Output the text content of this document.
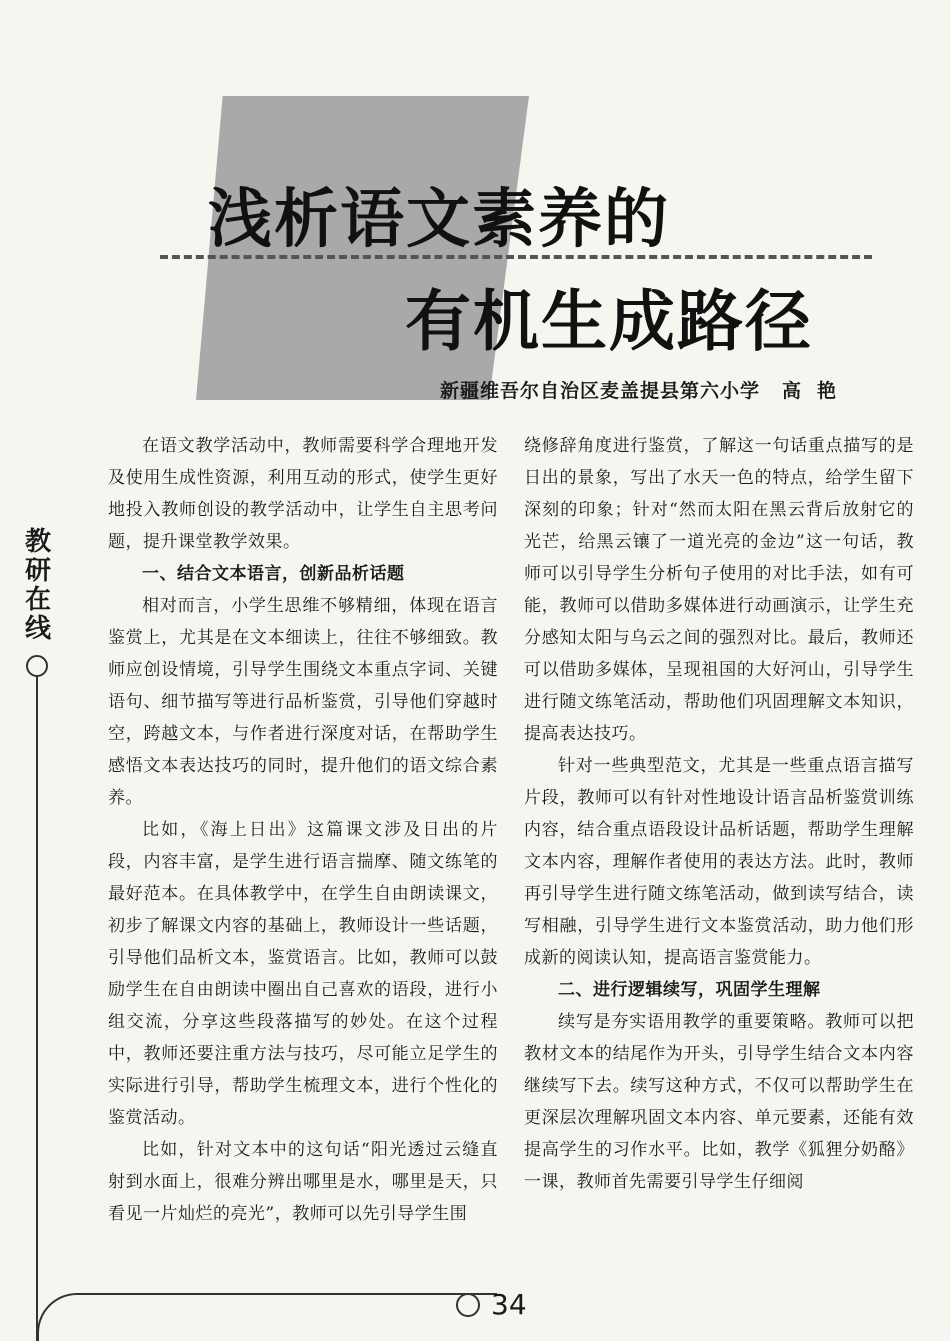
浅析语文素养的
有机生成路径
新疆维吾尔自治区麦盖提县第六小学 高艳
教研在线
34

在语文教学活动中，教师需要科学合理地开发及使用生成性资源，利用互动的形式，使学生更好地投入教师创设的教学活动中，让学生自主思考问题，提升课堂教学效果。

一、结合文本语言，创新品析话题

相对而言，小学生思维不够精细，体现在语言鉴赏上，尤其是在文本细读上，往往不够细致。教师应创设情境，引导学生围绕文本重点字词、关键语句、细节描写等进行品析鉴赏，引导他们穿越时空，跨越文本，与作者进行深度对话，在帮助学生感悟文本表达技巧的同时，提升他们的语文综合素养。

比如，《海上日出》这篇课文涉及日出的片段，内容丰富，是学生进行语言揣摩、随文练笔的最好范本。在具体教学中，在学生自由朗读课文，初步了解课文内容的基础上，教师设计一些话题，引导他们品析文本，鉴赏语言。比如，教师可以鼓励学生在自由朗读中圈出自己喜欢的语段，进行小组交流，分享这些段落描写的妙处。在这个过程中，教师还要注重方法与技巧，尽可能立足学生的实际进行引导，帮助学生梳理文本，进行个性化的鉴赏活动。

比如，针对文本中的这句话“阳光透过云缝直射到水面上，很难分辨出哪里是水，哪里是天，只看见一片灿烂的亮光”，教师可以先引导学生围

绕修辞角度进行鉴赏，了解这一句话重点描写的是日出的景象，写出了水天一色的特点，给学生留下深刻的印象；针对“然而太阳在黑云背后放射它的光芒，给黑云镶了一道光亮的金边”这一句话，教师可以引导学生分析句子使用的对比手法，如有可能，教师可以借助多媒体进行动画演示，让学生充分感知太阳与乌云之间的强烈对比。最后，教师还可以借助多媒体，呈现祖国的大好河山，引导学生进行随文练笔活动，帮助他们巩固理解文本知识，提高表达技巧。

针对一些典型范文，尤其是一些重点语言描写片段，教师可以有针对性地设计语言品析鉴赏训练内容，结合重点语段设计品析话题，帮助学生理解文本内容，理解作者使用的表达方法。此时，教师再引导学生进行随文练笔活动，做到读写结合，读写相融，引导学生进行文本鉴赏活动，助力他们形成新的阅读认知，提高语言鉴赏能力。

二、进行逻辑续写，巩固学生理解

续写是夯实语用教学的重要策略。教师可以把教材文本的结尾作为开头，引导学生结合文本内容继续写下去。续写这种方式，不仅可以帮助学生在更深层次理解巩固文本内容、单元要素，还能有效提高学生的习作水平。比如，教学《狐狸分奶酪》一课，教师首先需要引导学生仔细阅
